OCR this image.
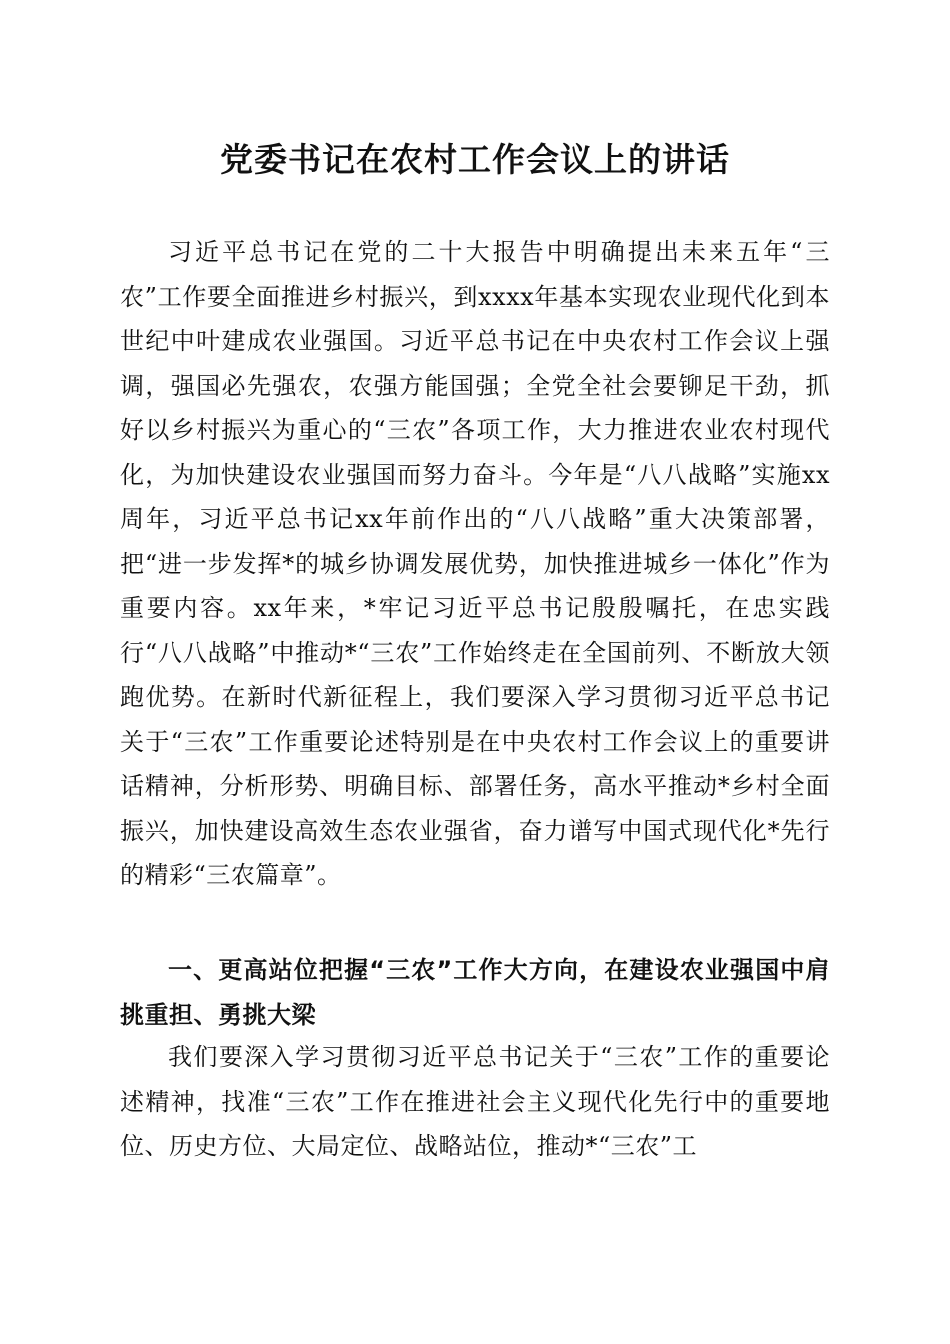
党委书记在农村工作会议上的讲话

习近平总书记在党的二十大报告中明确提出未来五年“三农”工作要全面推进乡村振兴，到xxxx年基本实现农业现代化到本世纪中叶建成农业强国。习近平总书记在中央农村工作会议上强调，强国必先强农，农强方能国强；全党全社会要铆足干劲，抓好以乡村振兴为重心的“三农”各项工作，大力推进农业农村现代化，为加快建设农业强国而努力奋斗。今年是“八八战略”实施xx周年，习近平总书记xx年前作出的“八八战略”重大决策部署，把“进一步发挥*的城乡协调发展优势，加快推进城乡一体化”作为重要内容。xx年来，*牢记习近平总书记殷殷嘱托，在忠实践行“八八战略”中推动*“三农”工作始终走在全国前列、不断放大领跑优势。在新时代新征程上，我们要深入学习贯彻习近平总书记关于“三农”工作重要论述特别是在中央农村工作会议上的重要讲话精神，分析形势、明确目标、部署任务，高水平推动*乡村全面振兴，加快建设高效生态农业强省，奋力谱写中国式现代化*先行的精彩“三农篇章”。

一、更高站位把握“三农”工作大方向，在建设农业强国中肩挑重担、勇挑大梁

我们要深入学习贯彻习近平总书记关于“三农”工作的重要论述精神，找准“三农”工作在推进社会主义现代化先行中的重要地位、历史方位、大局定位、战略站位，推动*“三农”工
